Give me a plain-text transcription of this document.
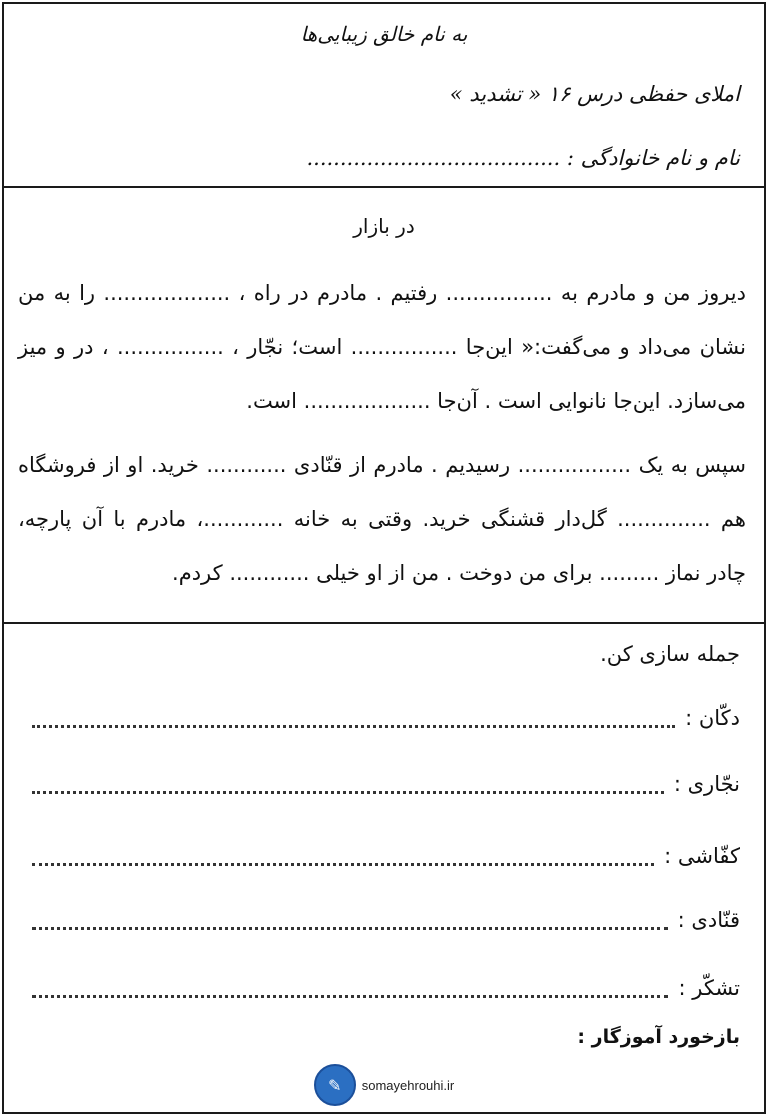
به نام خالق زیبایی‌ها
املای حفظی درس ۱۶ « تشدید »
نام و نام خانوادگی : ......................................
در بازار
دیروز من و مادرم به ................ رفتیم . مادرم در راه ، ................... را به من نشان می‌داد و می‌گفت:« این‌جا ................ است؛ نجّار ، ................ ، در و میز می‌سازد. این‌جا نانوایی است . آن‌جا ................... است.
سپس به یک ................. رسیدیم . مادرم از قنّادی ............ خرید. او از فروشگاه هم .............. گل‌دار قشنگی خرید. وقتی به خانه ............، مادرم با آن پارچه، چادر نماز ......... برای من دوخت . من از او خیلی ............ کردم.
جمله سازی کن.
دکّان :
نجّاری :
کفّاشی :
قنّادی :
تشکّر :
بازخورد آموزگار :
✎	somayehrouhi.ir
